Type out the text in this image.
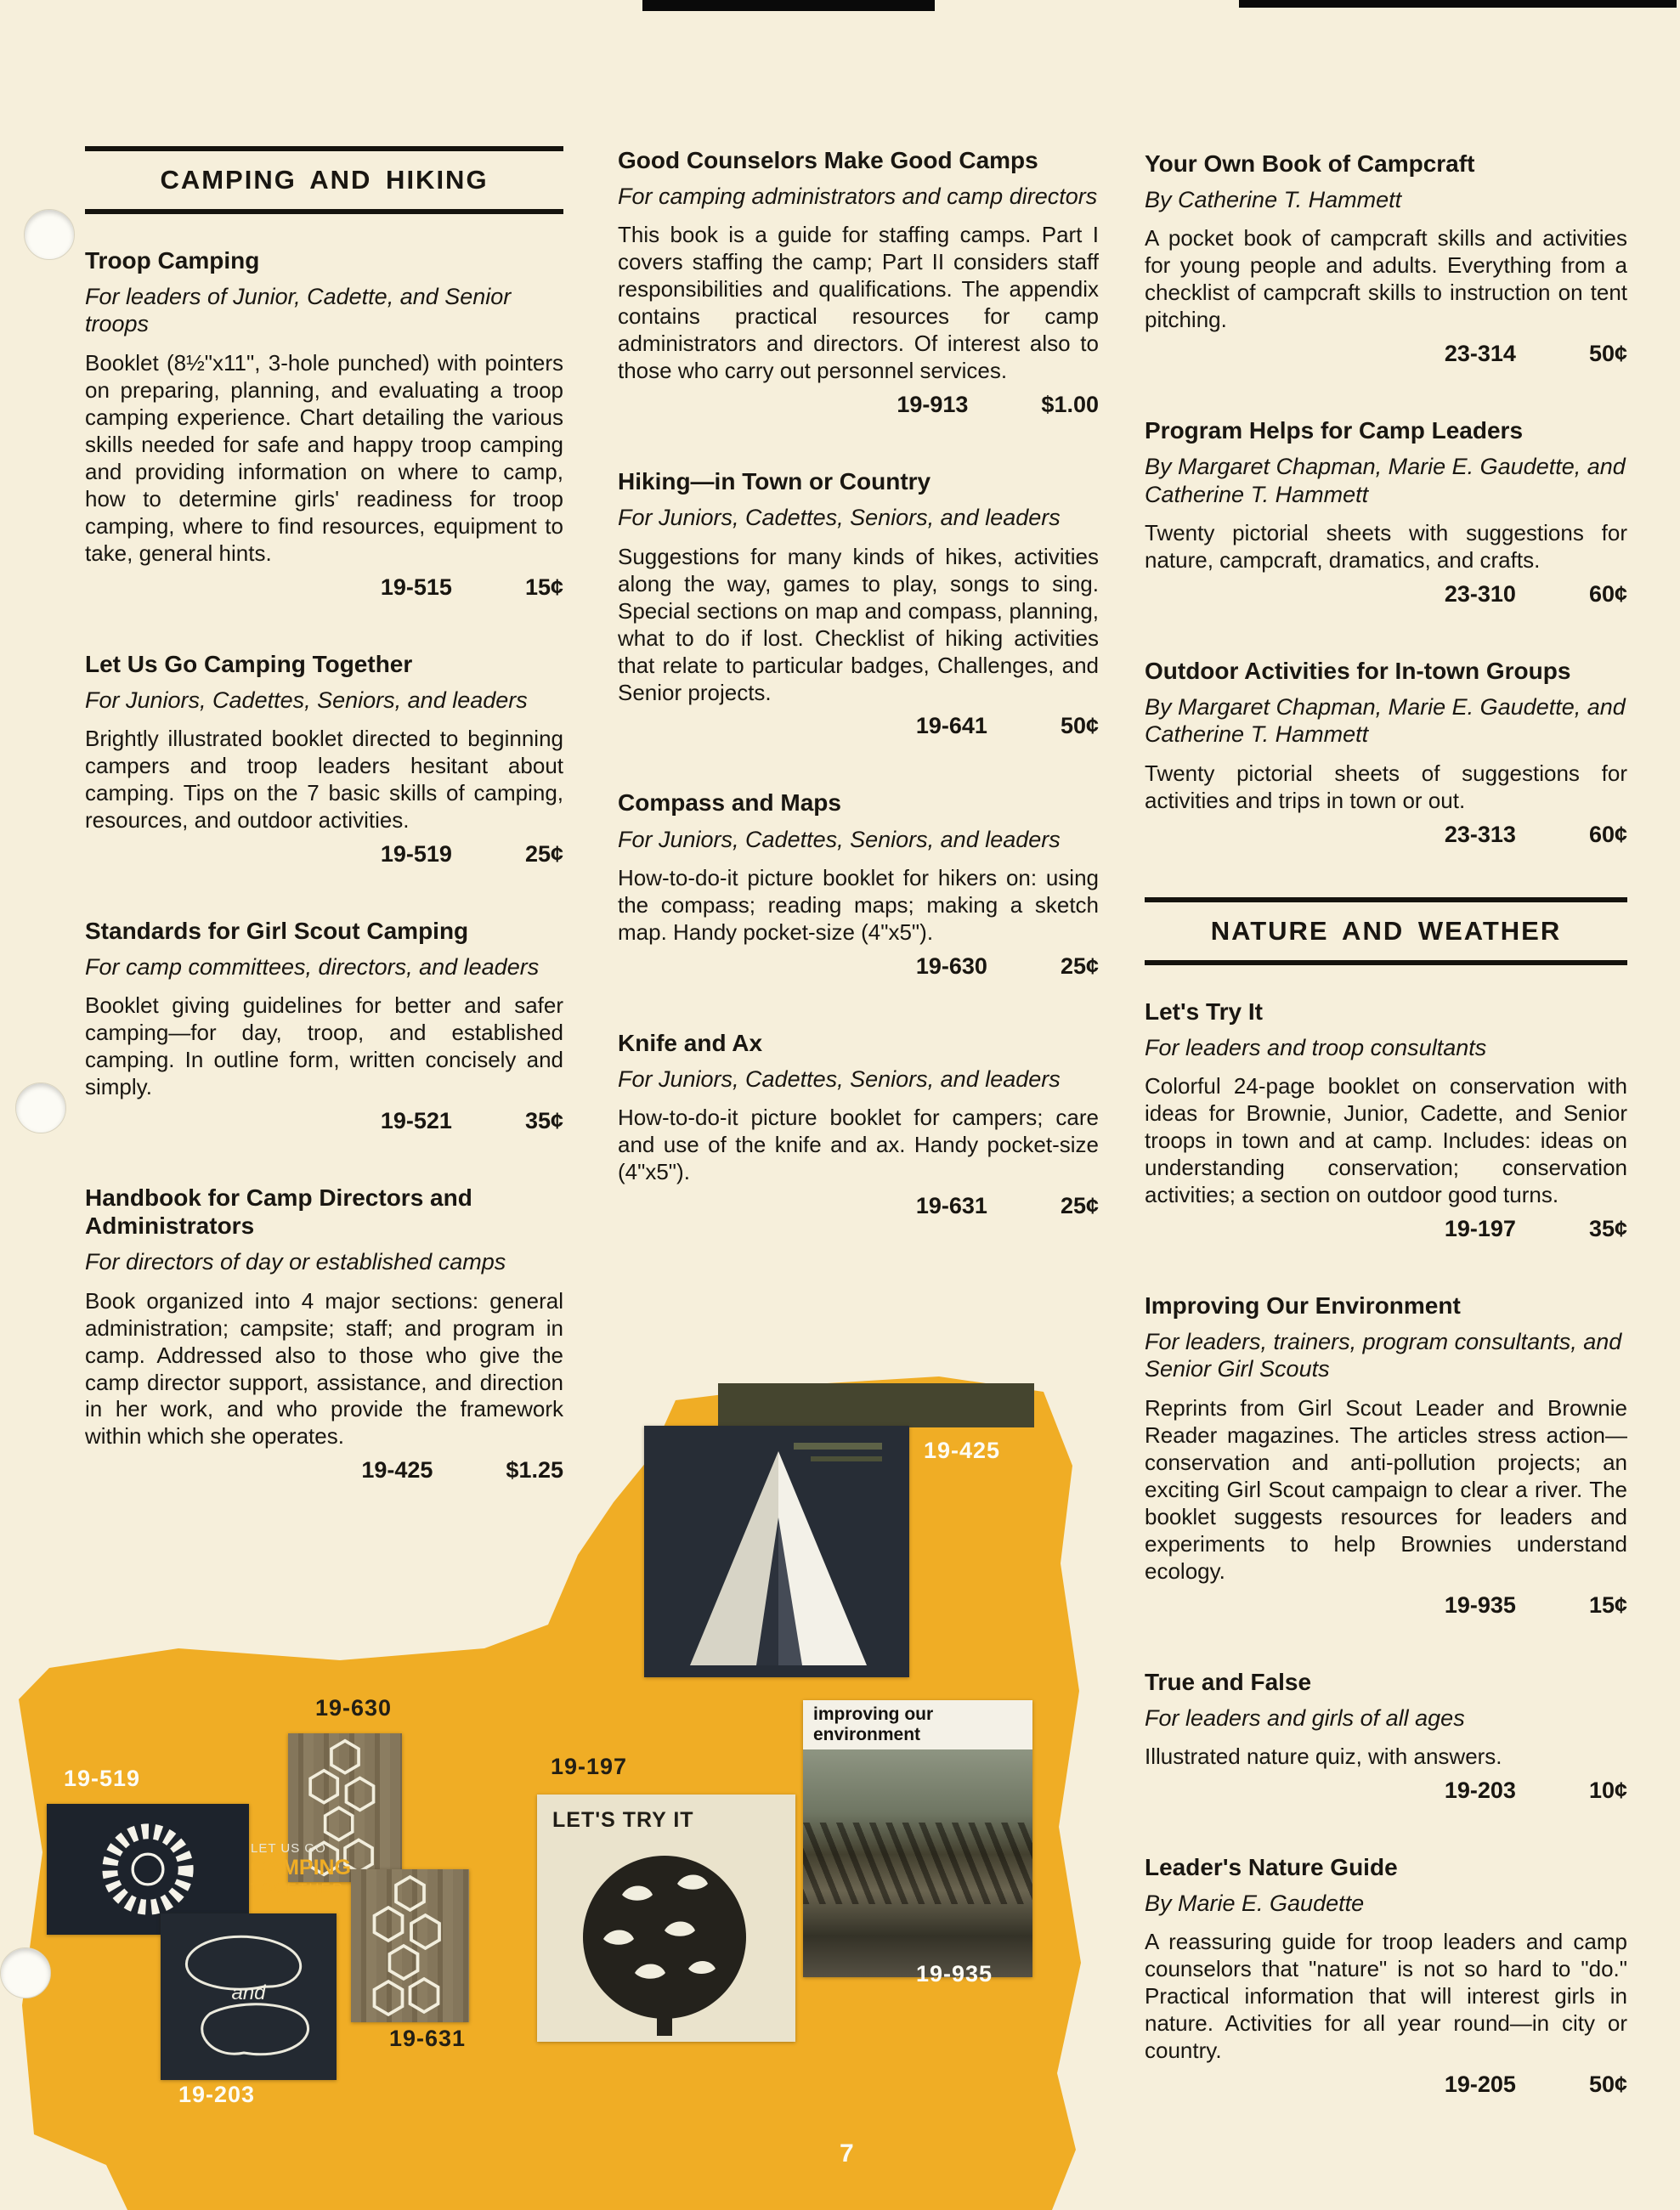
CAMPING AND HIKING
Troop Camping

For leaders of Junior, Cadette, and Senior troops

Booklet (8½"x11", 3-hole punched) with pointers on preparing, planning, and evaluating a troop camping experience. Chart detailing the various skills needed for safe and happy troop camping and providing information on where to camp, how to determine girls' readiness for troop camping, where to find resources, equipment to take, general hints.

19-515	15¢
Let Us Go Camping Together

For Juniors, Cadettes, Seniors, and leaders

Brightly illustrated booklet directed to beginning campers and troop leaders hesitant about camping. Tips on the 7 basic skills of camping, resources, and outdoor activities.

19-519	25¢
Standards for Girl Scout Camping

For camp committees, directors, and leaders

Booklet giving guidelines for better and safer camping—for day, troop, and established camping. In outline form, written concisely and simply.

19-521	35¢
Handbook for Camp Directors and Administrators

For directors of day or established camps

Book organized into 4 major sections: general administration; campsite; staff; and program in camp. Addressed also to those who give the camp director support, assistance, and direction in her work, and who provide the framework within which she operates.

19-425	$1.25
Good Counselors Make Good Camps

For camping administrators and camp directors

This book is a guide for staffing camps. Part I covers staffing the camp; Part II considers staff responsibilities and qualifications. The appendix contains practical resources for camp administrators and directors. Of interest also to those who carry out personnel services.

19-913	$1.00
Hiking—in Town or Country

For Juniors, Cadettes, Seniors, and leaders

Suggestions for many kinds of hikes, activities along the way, games to play, songs to sing. Special sections on map and compass, planning, what to do if lost. Checklist of hiking activities that relate to particular badges, Challenges, and Senior projects.

19-641	50¢
Compass and Maps

For Juniors, Cadettes, Seniors, and leaders

How-to-do-it picture booklet for hikers on: using the compass; reading maps; making a sketch map. Handy pocket-size (4"x5").

19-630	25¢
Knife and Ax

For Juniors, Cadettes, Seniors, and leaders

How-to-do-it picture booklet for campers; care and use of the knife and ax. Handy pocket-size (4"x5").

19-631	25¢
Your Own Book of Campcraft

By Catherine T. Hammett

A pocket book of campcraft skills and activities for young people and adults. Everything from a checklist of campcraft skills to instruction on tent pitching.

23-314	50¢
Program Helps for Camp Leaders

By Margaret Chapman, Marie E. Gaudette, and Catherine T. Hammett

Twenty pictorial sheets with suggestions for nature, campcraft, dramatics, and crafts.

23-310	60¢
Outdoor Activities for In-town Groups

By Margaret Chapman, Marie E. Gaudette, and Catherine T. Hammett

Twenty pictorial sheets of suggestions for activities and trips in town or out.

23-313	60¢
NATURE AND WEATHER
Let's Try It

For leaders and troop consultants

Colorful 24-page booklet on conservation with ideas for Brownie, Junior, Cadette, and Senior troops in town and at camp. Includes: ideas on understanding conservation; conservation activities; a section on outdoor good turns.

19-197	35¢
Improving Our Environment

For leaders, trainers, program consultants, and Senior Girl Scouts

Reprints from Girl Scout Leader and Brownie Reader magazines. The articles stress action—conservation and anti-pollution projects; an exciting Girl Scout campaign to clear a river. The booklet suggests resources for leaders and experiments to help Brownies understand ecology.

19-935	15¢
True and False

For leaders and girls of all ages

Illustrated nature quiz, with answers.

19-203	10¢
Leader's Nature Guide

By Marie E. Gaudette

A reassuring guide for troop leaders and camp counselors that "nature" is not so hard to "do." Practical information that will interest girls in nature. Activities for all year round—in city or country.

19-205	50¢
LET US GO
CAMPING
TOGETHER
LET'S TRY IT
and
improving our environment
19-425
19-630
19-519	19-197
19-631
19-203
19-935
7
